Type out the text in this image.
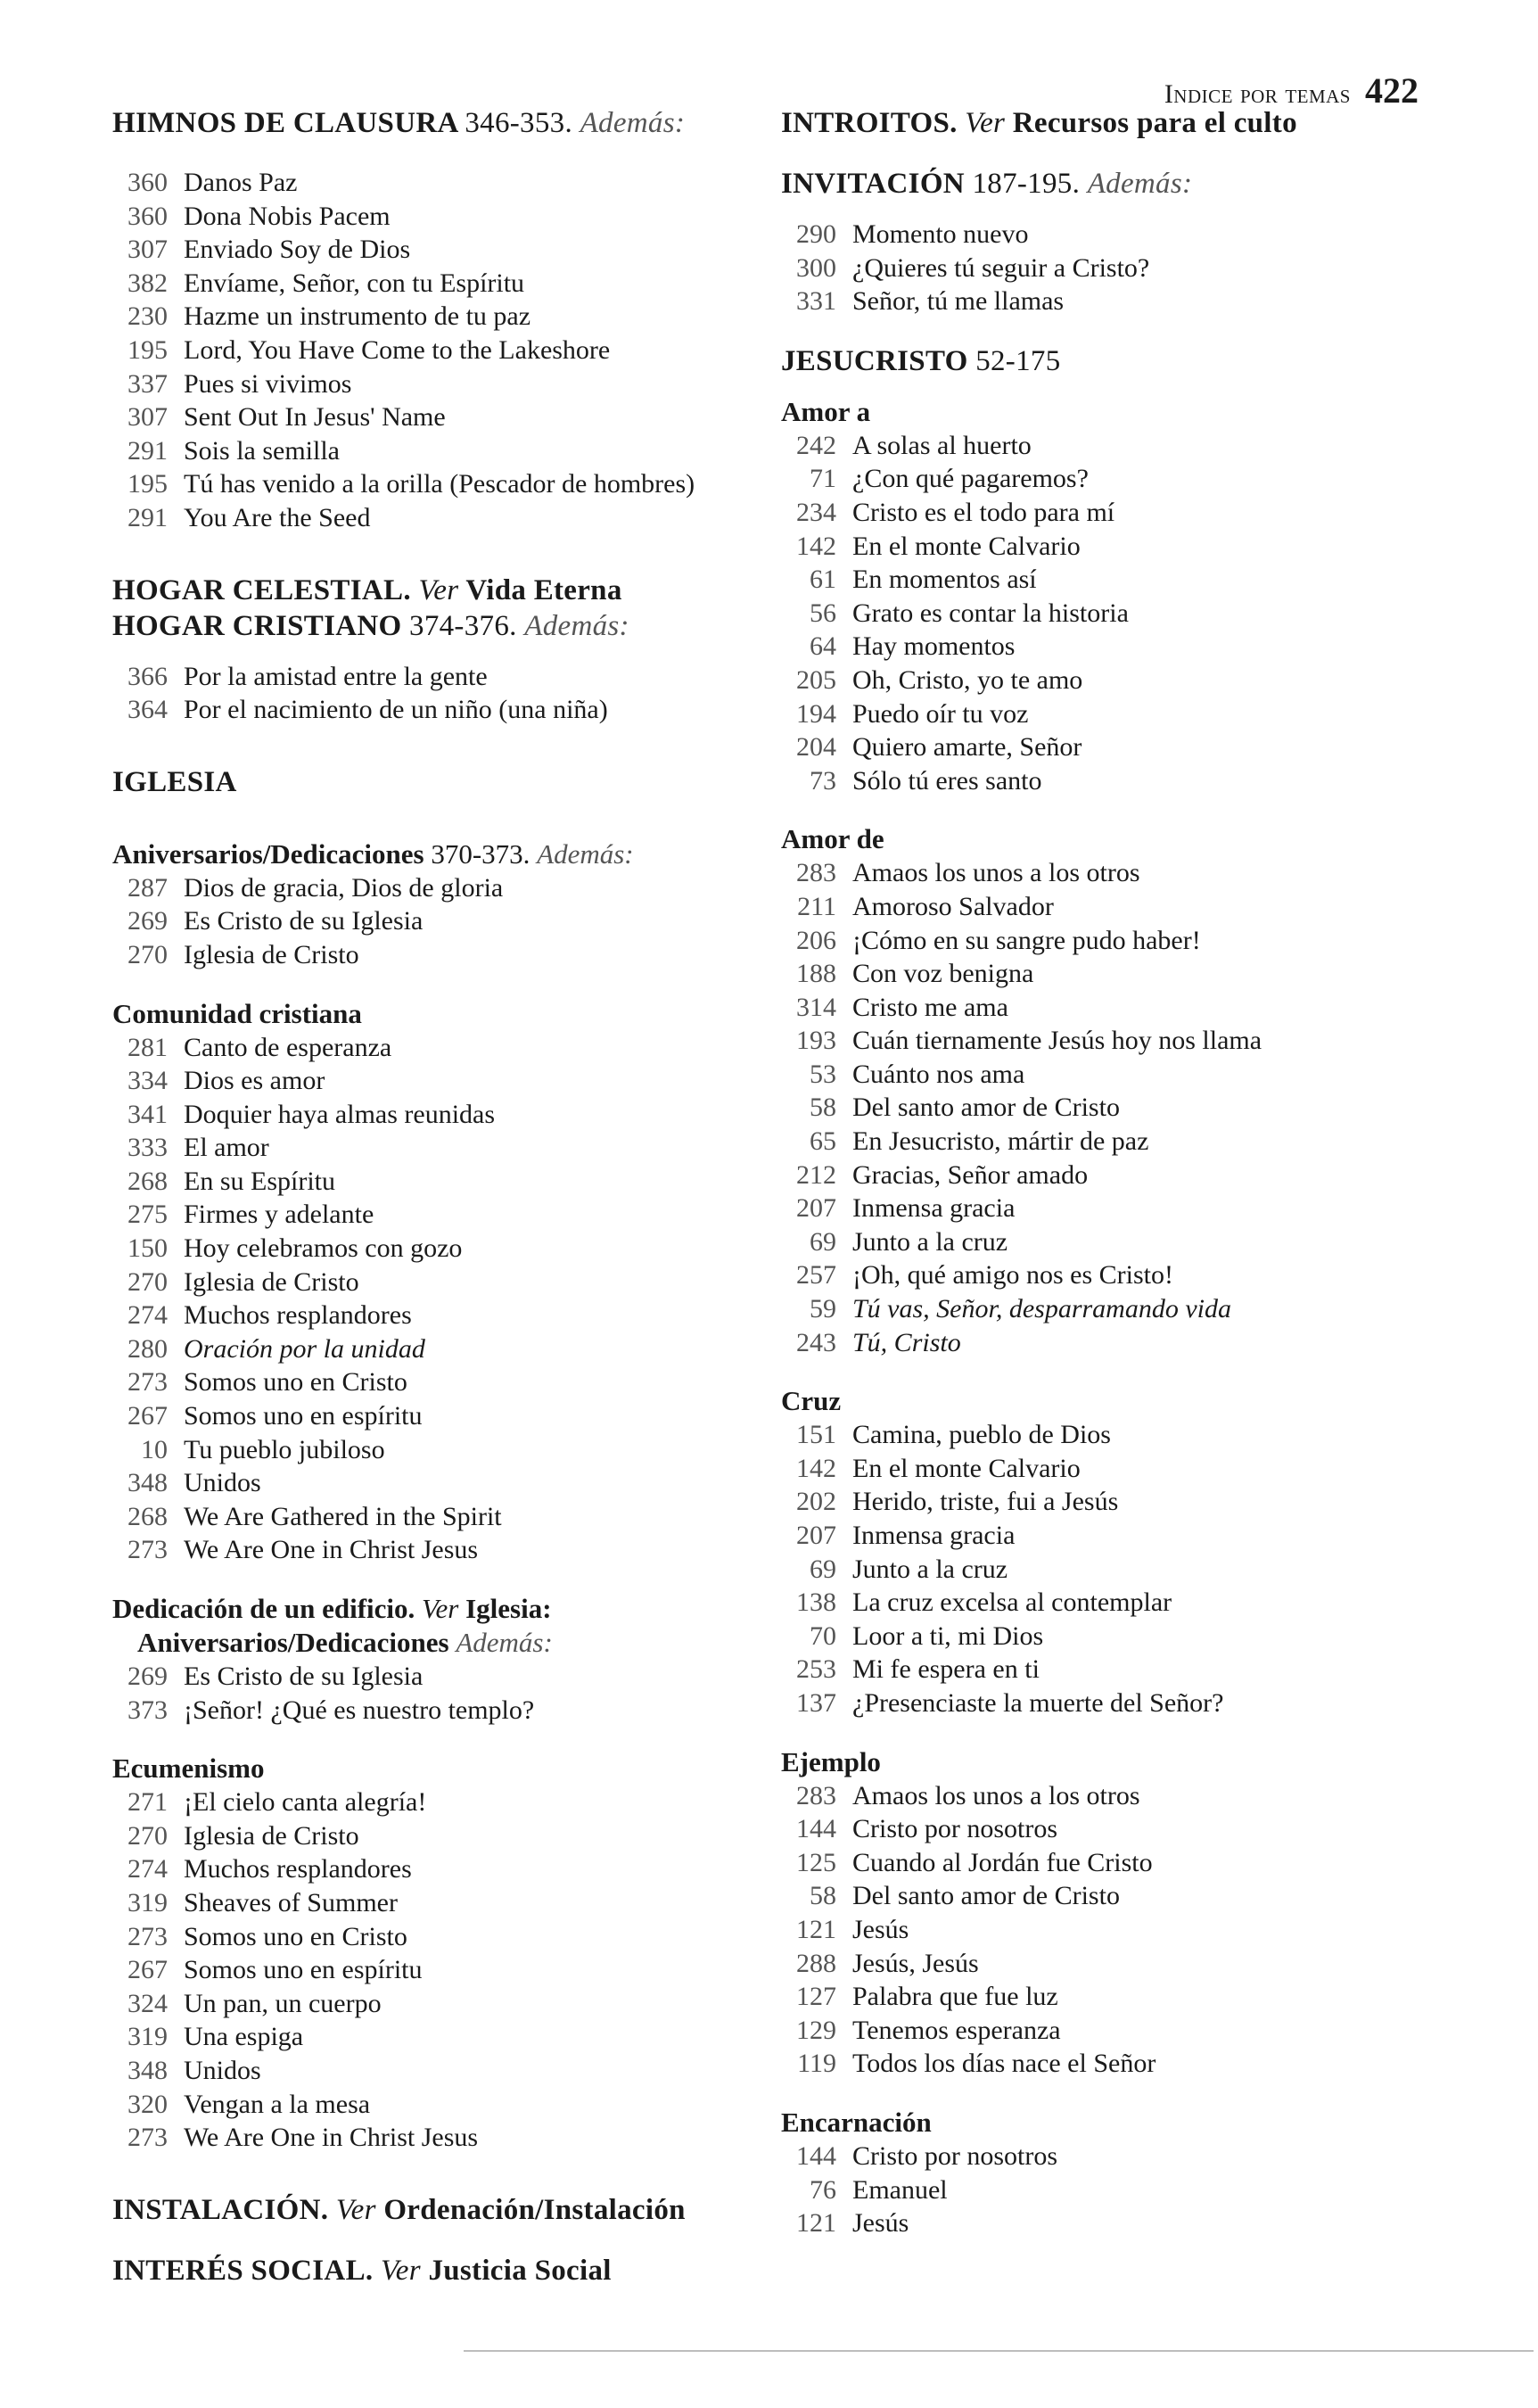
Indice por temas 422

HIMNOS DE CLAUSURA 346-353. Además:

360 Danos Paz
360 Dona Nobis Pacem
307 Enviado Soy de Dios
382 Envíame, Señor, con tu Espíritu
230 Hazme un instrumento de tu paz
195 Lord, You Have Come to the Lakeshore
337 Pues si vivimos
307 Sent Out In Jesus' Name
291 Sois la semilla
195 Tú has venido a la orilla (Pescador de hombres)
291 You Are the Seed

HOGAR CELESTIAL. Ver Vida Eterna

HOGAR CRISTIANO 374-376. Además:

366 Por la amistad entre la gente
364 Por el nacimiento de un niño (una niña)

IGLESIA

Aniversarios/Dedicaciones 370-373. Además:

287 Dios de gracia, Dios de gloria
269 Es Cristo de su Iglesia
270 Iglesia de Cristo

Comunidad cristiana

281 Canto de esperanza
334 Dios es amor
341 Doquier haya almas reunidas
333 El amor
268 En su Espíritu
275 Firmes y adelante
150 Hoy celebramos con gozo
270 Iglesia de Cristo
274 Muchos resplandores
280 Oración por la unidad
273 Somos uno en Cristo
267 Somos uno en espíritu
10 Tu pueblo jubiloso
348 Unidos
268 We Are Gathered in the Spirit
273 We Are One in Christ Jesus

Dedicación de un edificio. Ver Iglesia:

Aniversarios/Dedicaciones Además:

269 Es Cristo de su Iglesia
373 ¡Señor! ¿Qué es nuestro templo?

Ecumenismo

271 ¡El cielo canta alegría!
270 Iglesia de Cristo
274 Muchos resplandores
319 Sheaves of Summer
273 Somos uno en Cristo
267 Somos uno en espíritu
324 Un pan, un cuerpo
319 Una espiga
348 Unidos
320 Vengan a la mesa
273 We Are One in Christ Jesus

INSTALACIÓN. Ver Ordenación/Instalación

INTERÉS SOCIAL. Ver Justicia Social

INTROITOS. Ver Recursos para el culto

INVITACIÓN 187-195. Además:

290 Momento nuevo
300 ¿Quieres tú seguir a Cristo?
331 Señor, tú me llamas

JESUCRISTO 52-175

Amor a

242 A solas al huerto
71 ¿Con qué pagaremos?
234 Cristo es el todo para mí
142 En el monte Calvario
61 En momentos así
56 Grato es contar la historia
64 Hay momentos
205 Oh, Cristo, yo te amo
194 Puedo oír tu voz
204 Quiero amarte, Señor
73 Sólo tú eres santo

Amor de

283 Amaos los unos a los otros
211 Amoroso Salvador
206 ¡Cómo en su sangre pudo haber!
188 Con voz benigna
314 Cristo me ama
193 Cuán tiernamente Jesús hoy nos llama
53 Cuánto nos ama
58 Del santo amor de Cristo
65 En Jesucristo, mártir de paz
212 Gracias, Señor amado
207 Inmensa gracia
69 Junto a la cruz
257 ¡Oh, qué amigo nos es Cristo!
59 Tú vas, Señor, desparramando vida
243 Tú, Cristo

Cruz

151 Camina, pueblo de Dios
142 En el monte Calvario
202 Herido, triste, fui a Jesús
207 Inmensa gracia
69 Junto a la cruz
138 La cruz excelsa al contemplar
70 Loor a ti, mi Dios
253 Mi fe espera en ti
137 ¿Presenciaste la muerte del Señor?

Ejemplo

283 Amaos los unos a los otros
144 Cristo por nosotros
125 Cuando al Jordán fue Cristo
58 Del santo amor de Cristo
121 Jesús
288 Jesús, Jesús
127 Palabra que fue luz
129 Tenemos esperanza
119 Todos los días nace el Señor

Encarnación

144 Cristo por nosotros
76 Emanuel
121 Jesús
